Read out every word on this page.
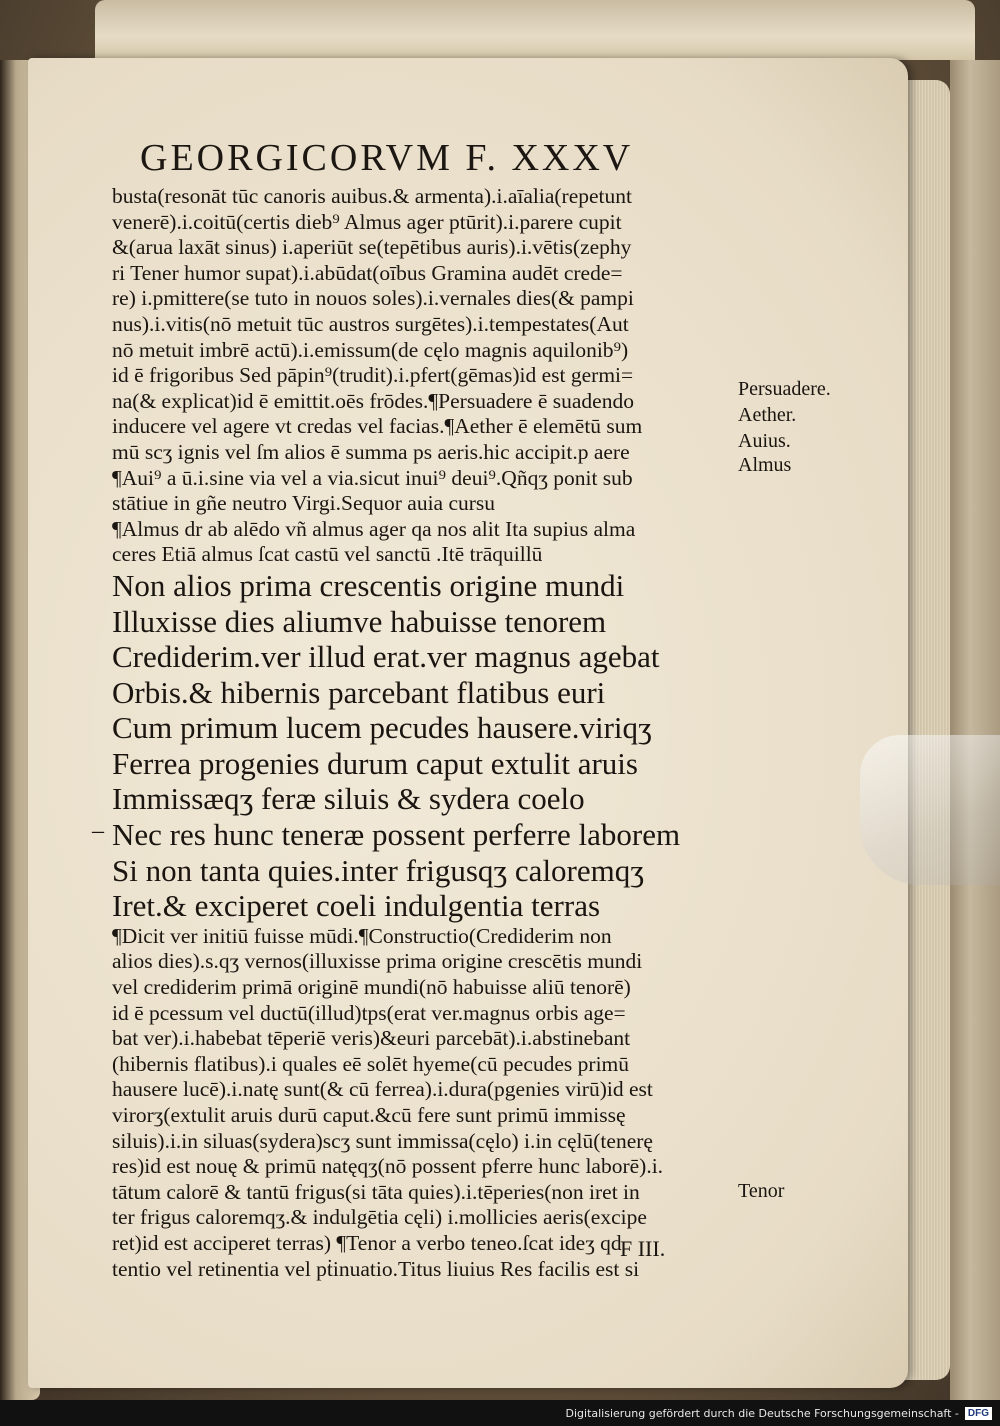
GEORGICORVM F. XXXV
busta(resonāt tūc canoris auibus.& armenta).i.aīalia(repetunt
venerē).i.coitū(certis dieb⁹ Almus ager ptūrit).i.parere cupit
&(arua laxāt sinus) i.aperiūt se(tepētibus auris).i.vētis(zephy
ri Tener humor supat).i.abūdat(oībus Gramina audēt crede=
re) i.pmittere(se tuto in nouos soles).i.vernales dies(& pampi
nus).i.vitis(nō metuit tūc austros surgētes).i.tempestates(Aut
nō metuit imbrē actū).i.emissum(de cęlo magnis aquilonib⁹)
id ē frigoribus Sed pāpin⁹(trudit).i.pfert(gēmas)id est germi=
na(& explicat)id ē emittit.oēs frōdes.¶Persuadere ē suadendo
inducere vel agere vt credas vel facias.¶Aether ē elemētū sum
mū scʒ ignis vel ſm alios ē summa ps aeris.hic accipit.p aere
¶Aui⁹ a ū.i.sine via vel a via.sicut inui⁹ deui⁹.Qñqʒ ponit sub
stātiue in gñe neutro Virgi.Sequor auia cursu
¶Almus dr ab alēdo vñ almus ager qa nos alit Ita supius alma
ceres Etiā almus ſcat castū vel sanctū .Itē trāquillū
Non alios prima crescentis origine mundi
Illuxisse dies aliumve habuisse tenorem
Crediderim.ver illud erat.ver magnus agebat
Orbis.& hibernis parcebant flatibus euri
Cum primum lucem pecudes hausere.viriqʒ
Ferrea progenies durum caput extulit aruis
Immissæqʒ feræ siluis & sydera coelo
Nec res hunc teneræ possent perferre laborem
Si non tanta quies.inter frigusqʒ caloremqʒ
Iret.& exciperet coeli indulgentia terras
¶Dicit ver initiū fuisse mūdi.¶Constructio(Crediderim non
alios dies).s.qʒ vernos(illuxisse prima origine crescētis mundi
vel crediderim primā originē mundi(nō habuisse aliū tenorē)
id ē pcessum vel ductū(illud)tps(erat ver.magnus orbis age=
bat ver).i.habebat tēperiē veris)&euri parcebāt).i.abstinebant
(hibernis flatibus).i quales eē solēt hyeme(cū pecudes primū
hausere lucē).i.natę sunt(& cū ferrea).i.dura(pgenies virū)id est
virorʒ(extulit aruis durū caput.&cū fere sunt primū immissę
siluis).i.in siluas(sydera)scʒ sunt immissa(cęlo) i.in cęlū(tenerę
res)id est nouę & primū natęqʒ(nō possent pferre hunc laborē).i.
tātum calorē & tantū frigus(si tāta quies).i.tēperies(non iret in
ter frigus caloremqʒ.& indulgētia cęli) i.mollicies aeris(excipe
ret)id est acciperet terras) ¶Tenor a verbo teneo.ſcat ideʒ qd
tentio vel retinentia vel pṫinuatio.Titus liuius Res facilis est si
Persuadere.
Aether.
Auius.
Almus
Tenor
–
F III.
Digitalisierung gefördert durch die Deutsche Forschungsgemeinschaft - DFG
